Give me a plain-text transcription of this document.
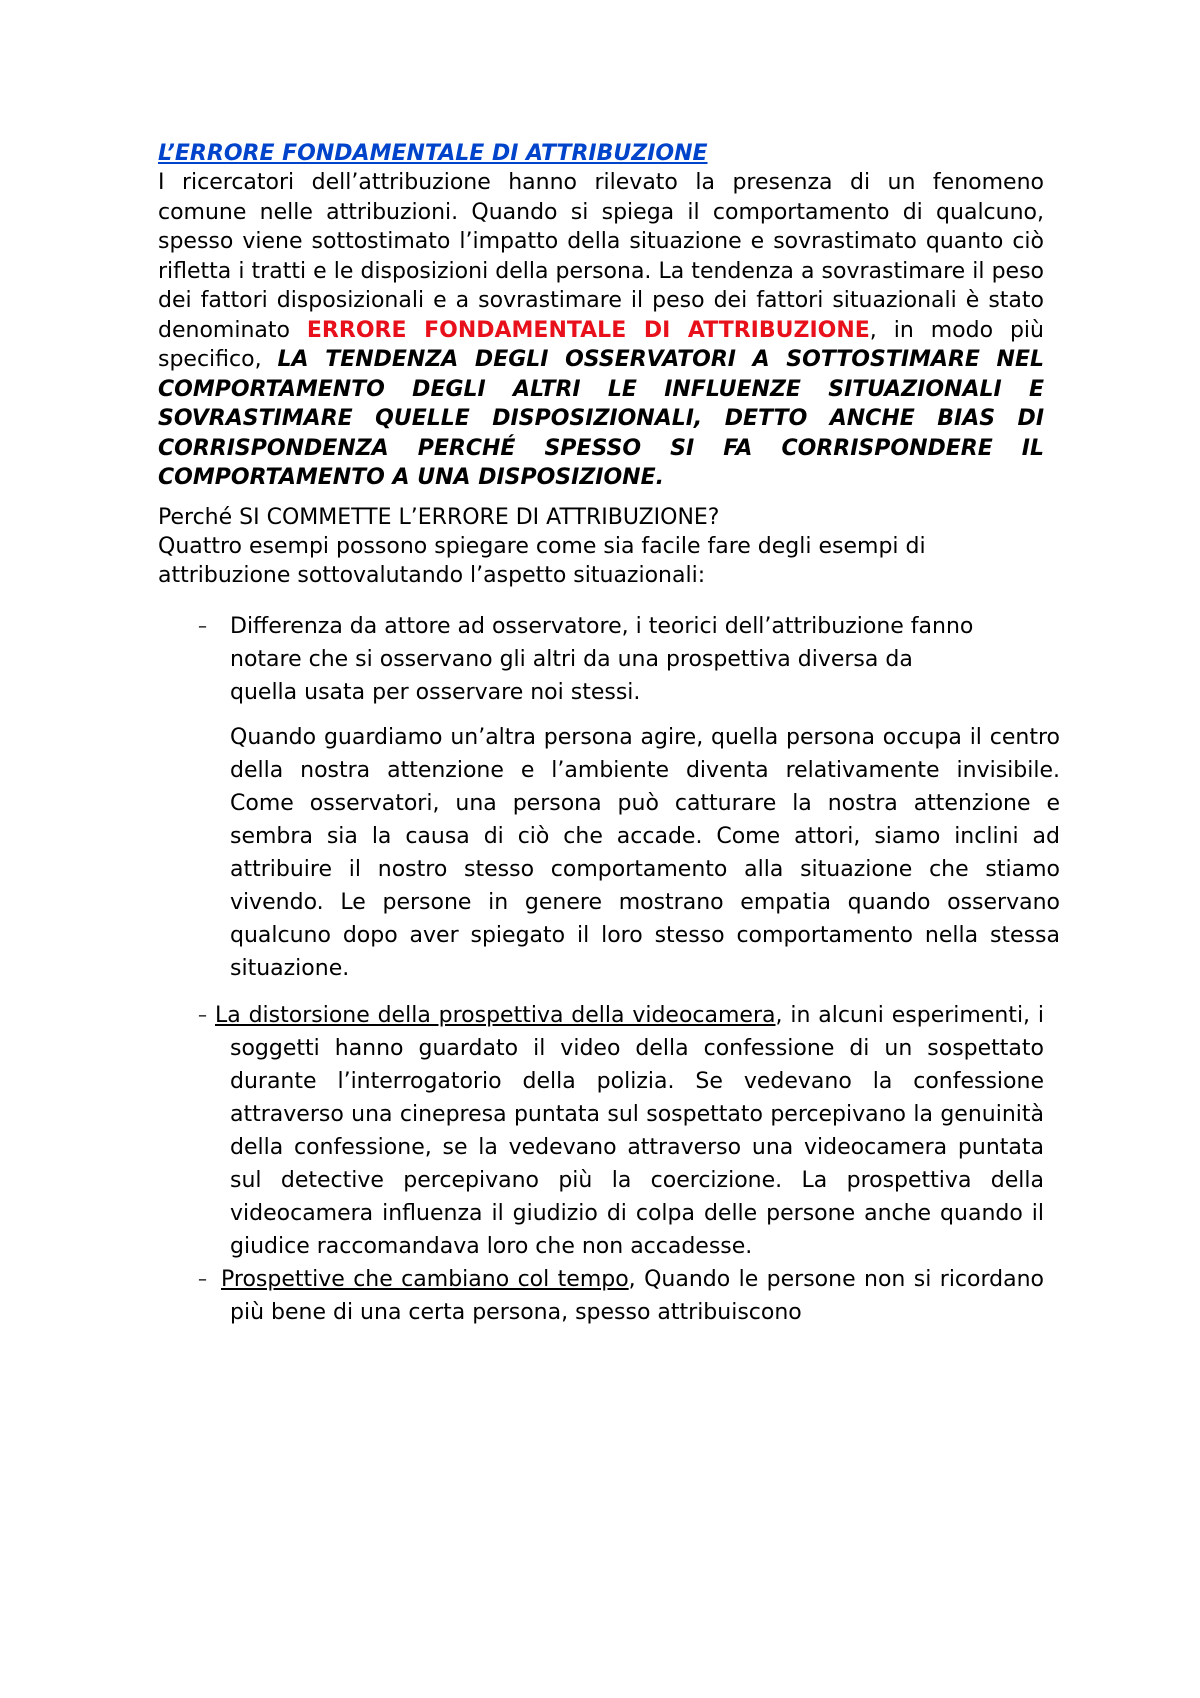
L’ERRORE FONDAMENTALE DI ATTRIBUZIONE

I ricercatori dell’attribuzione hanno rilevato la presenza di un fenomeno comune nelle attribuzioni. Quando si spiega il comportamento di qualcuno, spesso viene sottostimato l’impatto della situazione e sovrastimato quanto ciò rifletta i tratti e le disposizioni della persona. La tendenza a sovrastimare il peso dei fattori disposizionali e a sovrastimare il peso dei fattori situazionali è stato denominato ERRORE FONDAMENTALE DI ATTRIBUZIONE, in modo più specifico, LA TENDENZA DEGLI OSSERVATORI A SOTTOSTIMARE NEL COMPORTAMENTO DEGLI ALTRI LE INFLUENZE SITUAZIONALI E SOVRASTIMARE QUELLE DISPOSIZIONALI, DETTO ANCHE BIAS DI CORRISPONDENZA PERCHÉ SPESSO SI FA CORRISPONDERE IL COMPORTAMENTO A UNA DISPOSIZIONE.

Perché SI COMMETTE L’ERRORE DI ATTRIBUZIONE?

Quattro esempi possono spiegare come sia facile fare degli esempi di attribuzione sottovalutando l’aspetto situazionali:

– Differenza da attore ad osservatore, i teorici dell’attribuzione fanno notare che si osservano gli altri da una prospettiva diversa da quella usata per osservare noi stessi.

Quando guardiamo un’altra persona agire, quella persona occupa il centro della nostra attenzione e l’ambiente diventa relativamente invisibile. Come osservatori, una persona può catturare la nostra attenzione e sembra sia la causa di ciò che accade. Come attori, siamo inclini ad attribuire il nostro stesso comportamento alla situazione che stiamo vivendo. Le persone in genere mostrano empatia quando osservano qualcuno dopo aver spiegato il loro stesso comportamento nella stessa situazione.

– La distorsione della prospettiva della videocamera, in alcuni esperimenti, i soggetti hanno guardato il video della confessione di un sospettato durante l’interrogatorio della polizia. Se vedevano la confessione attraverso una cinepresa puntata sul sospettato percepivano la genuinità della confessione, se la vedevano attraverso una videocamera puntata sul detective percepivano più la coercizione. La prospettiva della videocamera influenza il giudizio di colpa delle persone anche quando il giudice raccomandava loro che non accadesse.

– Prospettive che cambiano col tempo, Quando le persone non si ricordano più bene di una certa persona, spesso attribuiscono
